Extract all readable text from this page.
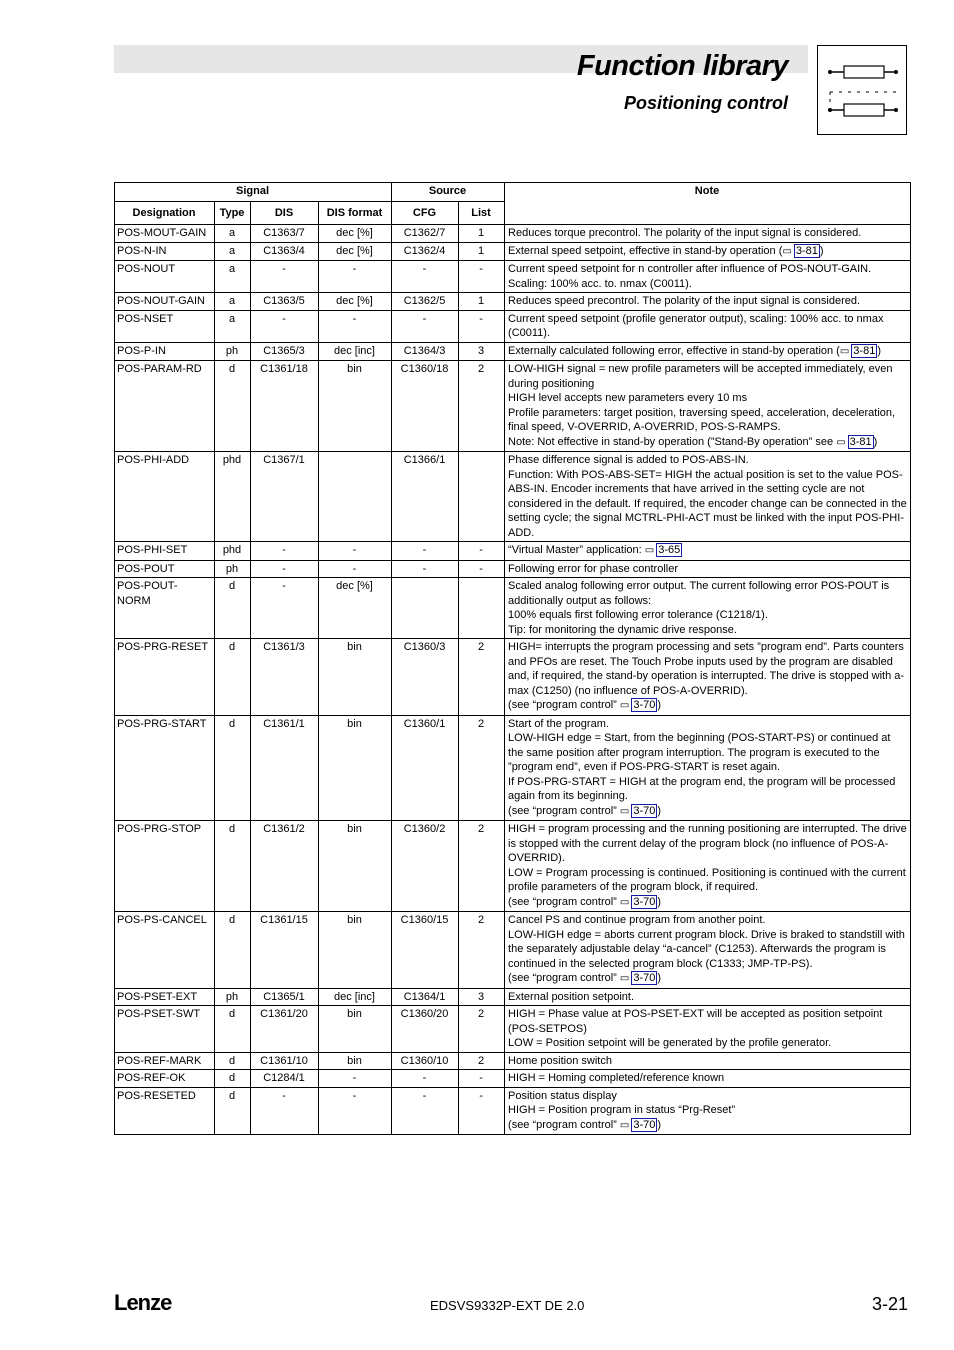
Function library
Positioning control
Signal				Source		Note
Designation	Type	DIS	DIS format	CFG	List	
POS-MOUT-GAIN	a	C1363/7	dec [%]	C1362/7	1	Reduces torque precontrol. The polarity of the input signal is considered.

POS-N-IN	a	C1363/4	dec [%]	C1362/4	1	External speed setpoint, effective in stand-by operation (▭ 3-81 )

POS-NOUT	a	-	-	-	-	Current speed setpoint for n controller after influence of POS-NOUT-GAIN. Scaling: 100% acc. to. nmax (C0011).

POS-NOUT-GAIN	a	C1363/5	dec [%]	C1362/5	1	Reduces speed precontrol. The polarity of the input signal is considered.

POS-NSET	a	-	-	-	-	Current speed setpoint (profile generator output), scaling: 100% acc. to nmax (C0011).

POS-P-IN	ph	C1365/3	dec [inc]	C1364/3	3	Externally calculated following error, effective in stand-by operation (▭ 3-81 )

POS-PARAM-RD	d	C1361/18	bin	C1360/18	2	LOW-HIGH signal = new profile parameters will be accepted immediately, even during positioning
HIGH level accepts new parameters every 10 ms
Profile parameters: target position, traversing speed, acceleration, deceleration, final speed, V-OVERRID, A-OVERRID, POS-S-RAMPS.
Note: Not effective in stand-by operation (”Stand-By operation” see ▭ 3-81 )

POS-PHI-ADD	phd	C1367/1		C1366/1		Phase difference signal is added to POS-ABS-IN.
Function: With POS-ABS-SET= HIGH the actual position is set to the value POS-ABS-IN. Encoder increments that have arrived in the setting cycle are not considered in the default. If required, the encoder change can be connected in the setting cycle; the signal MCTRL-PHI-ACT must be linked with the input POS-PHI-ADD.

POS-PHI-SET	phd	-	-	-	-	“Virtual Master” application: ▭ 3-65

POS-POUT	ph	-	-	-	-	Following error for phase controller

POS-POUT-NORM	d	-	dec [%]			Scaled analog following error output. The current following error POS-POUT is additionally output as follows:
100% equals first following error tolerance (C1218/1).
Tip: for monitoring the dynamic drive response.

POS-PRG-RESET	d	C1361/3	bin	C1360/3	2	HIGH= interrupts the program processing and sets ”program end”. Parts counters and PFOs are reset. The Touch Probe inputs used by the program are disabled and, if required, the stand-by operation is interrupted. The drive is stopped with a-max (C1250) (no influence of POS-A-OVERRID).
(see “program control” ▭ 3-70 )

POS-PRG-START	d	C1361/1	bin	C1360/1	2	Start of the program.
LOW-HIGH edge = Start, from the beginning (POS-START-PS) or continued at the same position after program interruption. The program is executed to the ”program end”, even if POS-PRG-START is reset again.
If POS-PRG-START = HIGH at the program end, the program will be processed again from its beginning.
(see “program control” ▭ 3-70 )

POS-PRG-STOP	d	C1361/2	bin	C1360/2	2	HIGH = program processing and the running positioning are interrupted. The drive is stopped with the current delay of the program block (no influence of POS-A-OVERRID).
LOW = Program processing is continued. Positioning is continued with the current profile parameters of the program block, if required.
(see “program control” ▭ 3-70 )

POS-PS-CANCEL	d	C1361/15	bin	C1360/15	2	Cancel PS and continue program from another point.
LOW-HIGH edge = aborts current program block. Drive is braked to standstill with the separately adjustable delay “a-cancel” (C1253). Afterwards the program is continued in the selected program block (C1333; JMP-TP-PS).
(see “program control” ▭ 3-70 )

POS-PSET-EXT	ph	C1365/1	dec [inc]	C1364/1	3	External position setpoint.

POS-PSET-SWT	d	C1361/20	bin	C1360/20	2	HIGH = Phase value at POS-PSET-EXT will be accepted as position setpoint (POS-SETPOS)
LOW = Position setpoint will be generated by the profile generator.

POS-REF-MARK	d	C1361/10	bin	C1360/10	2	Home position switch

POS-REF-OK	d	C1284/1	-	-	-	HIGH = Homing completed/reference known

POS-RESETED	d	-	-	-	-	Position status display
HIGH = Position program in status “Prg-Reset”
(see “program control” ▭ 3-70 )
Lenze	EDSVS9332P-EXT DE 2.0	3-21
